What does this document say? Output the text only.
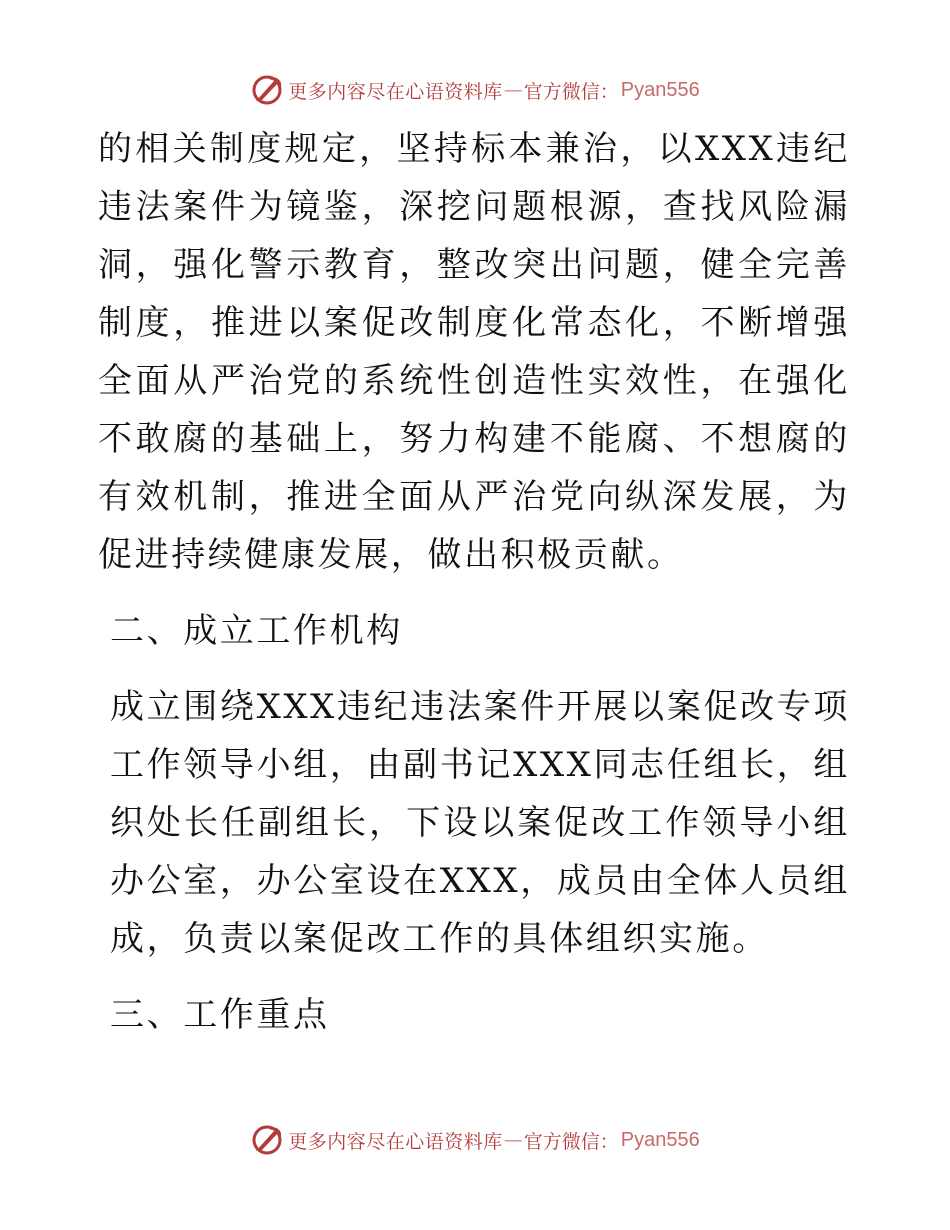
更多内容尽在心语资料库 — 官方微信： Pyan556

的相关制度规定，坚持标本兼治，以XXX违纪违法案件为镜鉴，深挖问题根源，查找风险漏洞，强化警示教育，整改突出问题，健全完善制度，推进以案促改制度化常态化，不断增强全面从严治党的系统性创造性实效性，在强化不敢腐的基础上，努力构建不能腐、不想腐的有效机制，推进全面从严治党向纵深发展，为促进持续健康发展，做出积极贡献。

二、成立工作机构

成立围绕XXX违纪违法案件开展以案促改专项工作领导小组，由副书记XXX同志任组长，组织处长任副组长，下设以案促改工作领导小组办公室，办公室设在XXX，成员由全体人员组成，负责以案促改工作的具体组织实施。

三、工作重点

更多内容尽在心语资料库 — 官方微信： Pyan556
